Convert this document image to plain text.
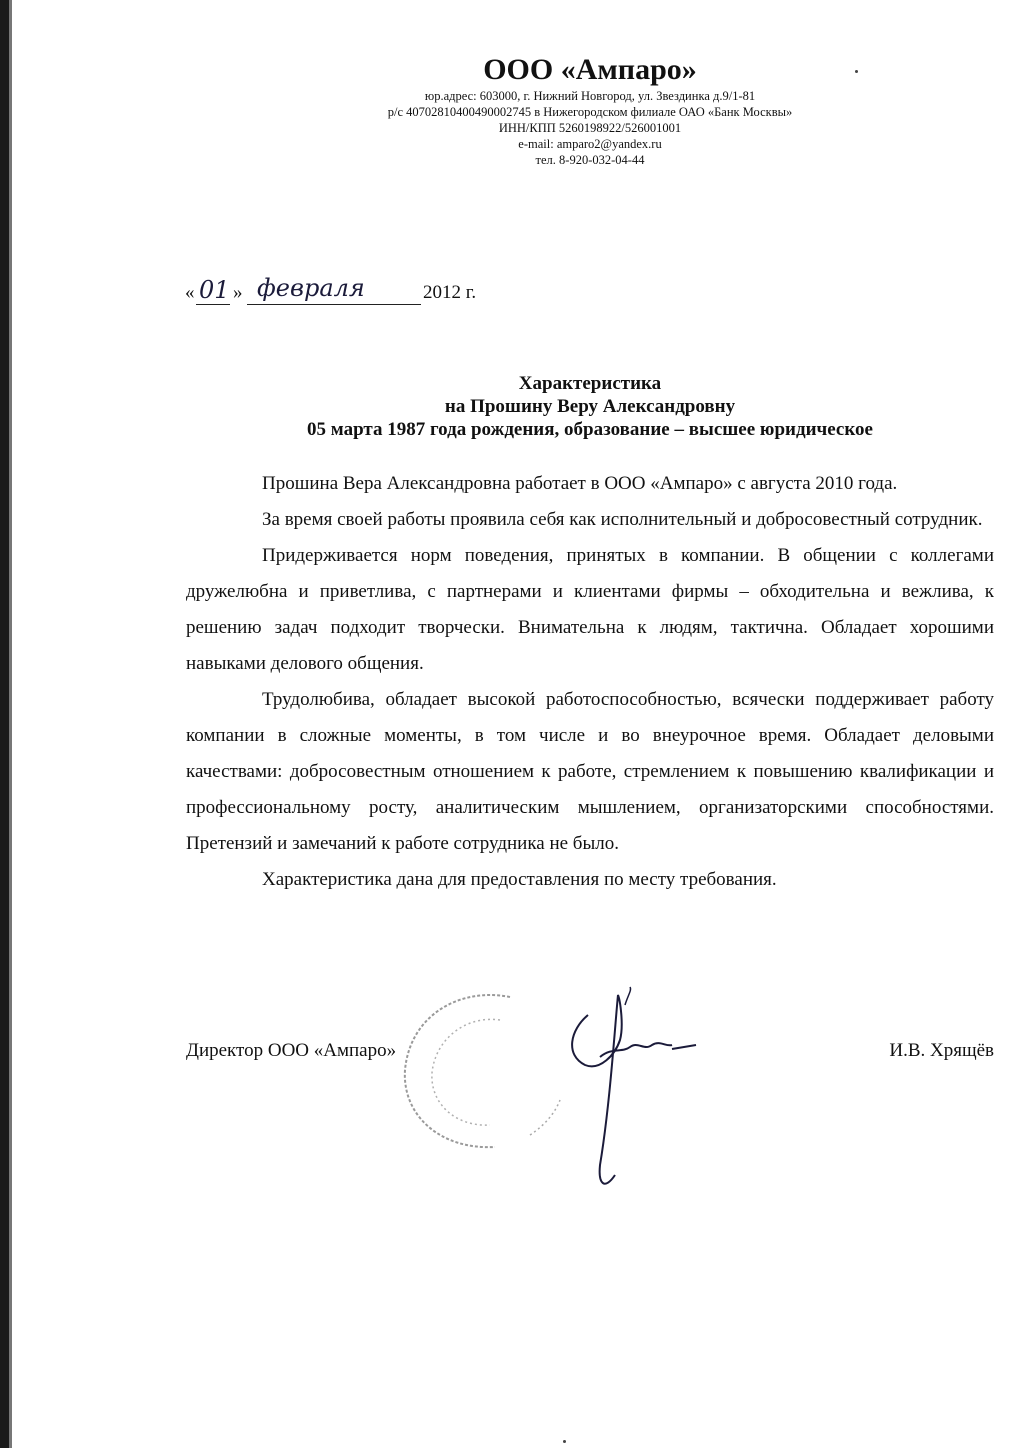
ООО «Ампаро»
юр.адрес: 603000, г. Нижний Новгород, ул. Звездинка д.9/1-81
р/с 40702810400490002745 в Нижегородском филиале ОАО «Банк Москвы»
ИНН/КПП 5260198922/526001001
e-mail: amparo2@yandex.ru
тел. 8-920-032-04-44
« 01 » февраля	2012 г.
Характеристика
на Прошину Веру Александровну
05 марта 1987 года рождения, образование – высшее юридическое

Прошина Вера Александровна работает в ООО «Ампаро» с августа 2010 года.

За время своей работы проявила себя как исполнительный и добросовестный сотрудник.

Придерживается норм поведения, принятых в компании. В общении с коллегами дружелюбна и приветлива, с партнерами и клиентами фирмы – обходительна и вежлива, к решению задач подходит творчески. Внимательна к людям, тактична. Обладает хорошими навыками делового общения.

Трудолюбива, обладает высокой работоспособностью, всячески поддерживает работу компании в сложные моменты, в том числе и во внеурочное время. Обладает деловыми качествами: добросовестным отношением к работе, стремлением к повышению квалификации и профессиональному росту, аналитическим мышлением, организаторскими способностями. Претензий и замечаний к работе сотрудника не было.

Характеристика дана для предоставления по месту требования.

Директор ООО «Ампаро»	И.В. Хрящёв
